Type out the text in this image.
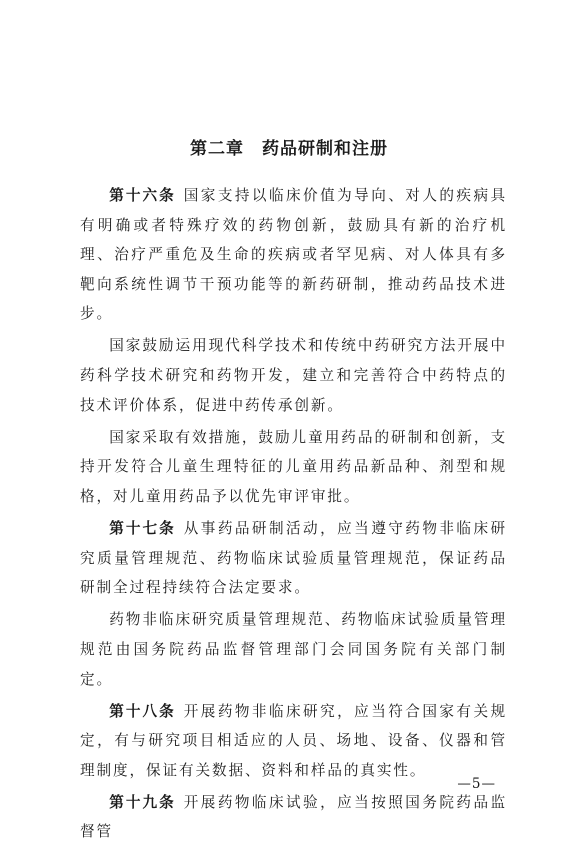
第二章　药品研制和注册

第十六条 国家支持以临床价值为导向、对人的疾病具有明确或者特殊疗效的药物创新，鼓励具有新的治疗机理、治疗严重危及生命的疾病或者罕见病、对人体具有多靶向系统性调节干预功能等的新药研制，推动药品技术进步。

国家鼓励运用现代科学技术和传统中药研究方法开展中药科学技术研究和药物开发，建立和完善符合中药特点的技术评价体系，促进中药传承创新。

国家采取有效措施，鼓励儿童用药品的研制和创新，支持开发符合儿童生理特征的儿童用药品新品种、剂型和规格，对儿童用药品予以优先审评审批。

第十七条 从事药品研制活动，应当遵守药物非临床研究质量管理规范、药物临床试验质量管理规范，保证药品研制全过程持续符合法定要求。

药物非临床研究质量管理规范、药物临床试验质量管理规范由国务院药品监督管理部门会同国务院有关部门制定。

第十八条 开展药物非临床研究，应当符合国家有关规定，有与研究项目相适应的人员、场地、设备、仪器和管理制度，保证有关数据、资料和样品的真实性。

第十九条 开展药物临床试验，应当按照国务院药品监督管

—5—
